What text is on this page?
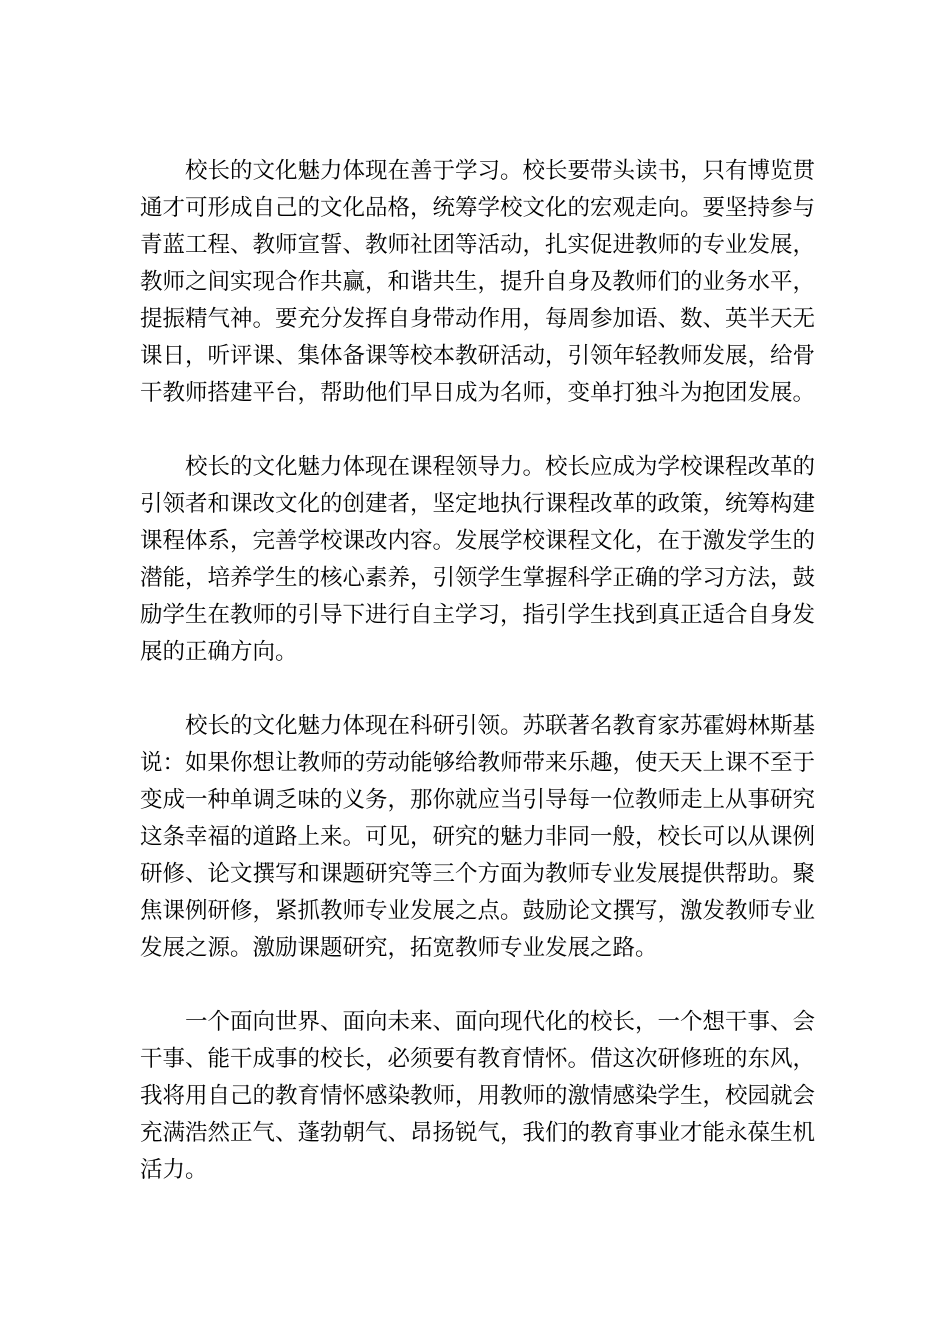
校长的文化魅力体现在善于学习。校长要带头读书，只有博览贯通才可形成自己的文化品格，统筹学校文化的宏观走向。要坚持参与青蓝工程、教师宣誓、教师社团等活动，扎实促进教师的专业发展，教师之间实现合作共赢，和谐共生，提升自身及教师们的业务水平，提振精气神。要充分发挥自身带动作用，每周参加语、数、英半天无课日，听评课、集体备课等校本教研活动，引领年轻教师发展，给骨干教师搭建平台，帮助他们早日成为名师，变单打独斗为抱团发展。

校长的文化魅力体现在课程领导力。校长应成为学校课程改革的引领者和课改文化的创建者，坚定地执行课程改革的政策，统筹构建课程体系，完善学校课改内容。发展学校课程文化，在于激发学生的潜能，培养学生的核心素养，引领学生掌握科学正确的学习方法，鼓励学生在教师的引导下进行自主学习，指引学生找到真正适合自身发展的正确方向。

校长的文化魅力体现在科研引领。苏联著名教育家苏霍姆林斯基说：如果你想让教师的劳动能够给教师带来乐趣，使天天上课不至于变成一种单调乏味的义务，那你就应当引导每一位教师走上从事研究这条幸福的道路上来。可见，研究的魅力非同一般，校长可以从课例研修、论文撰写和课题研究等三个方面为教师专业发展提供帮助。聚焦课例研修，紧抓教师专业发展之点。鼓励论文撰写，激发教师专业发展之源。激励课题研究，拓宽教师专业发展之路。

一个面向世界、面向未来、面向现代化的校长，一个想干事、会干事、能干成事的校长，必须要有教育情怀。借这次研修班的东风，我将用自己的教育情怀感染教师，用教师的激情感染学生，校园就会充满浩然正气、蓬勃朝气、昂扬锐气，我们的教育事业才能永葆生机活力。
